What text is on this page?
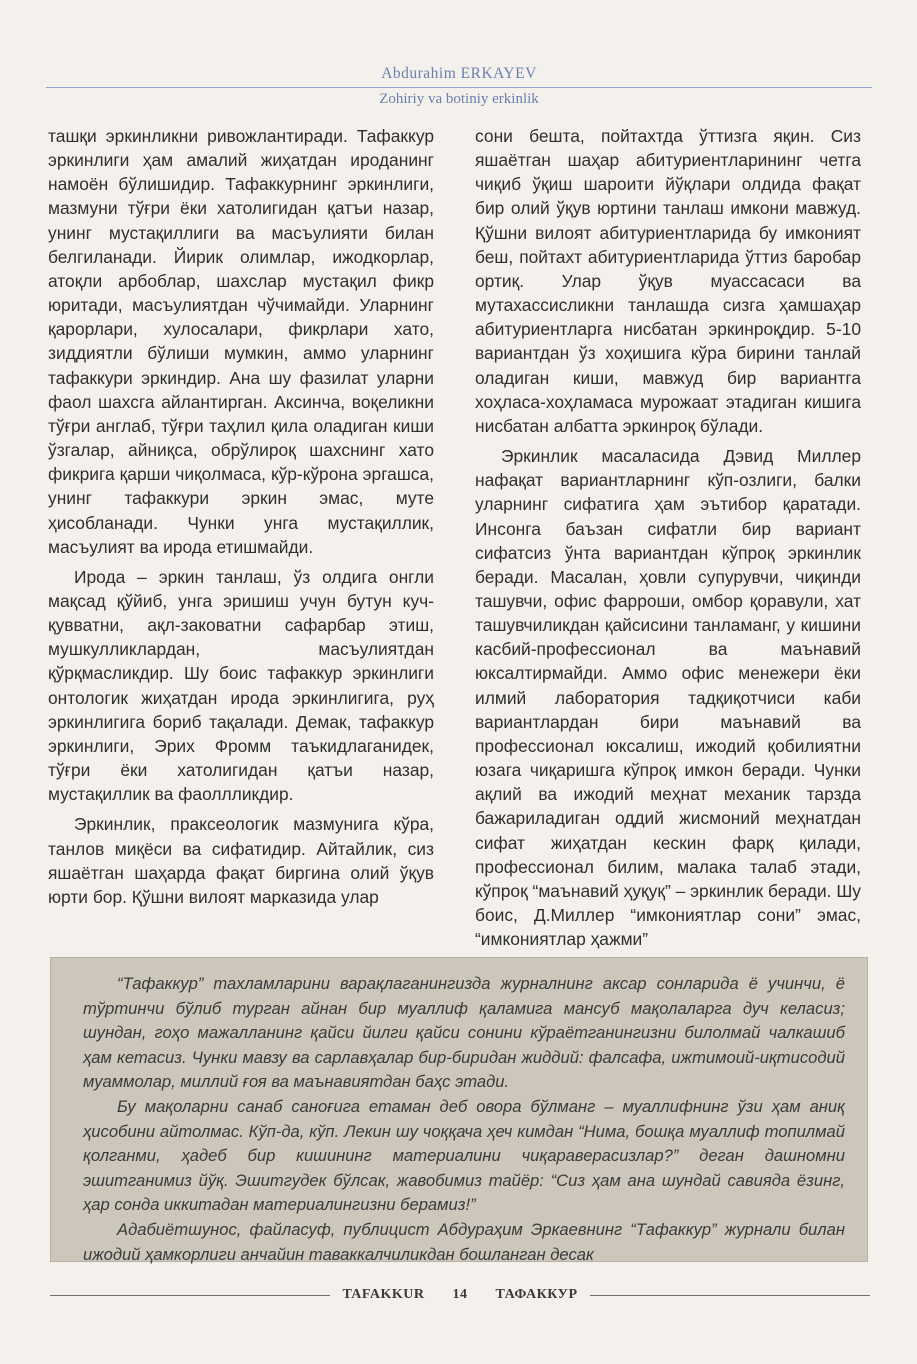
Abdurahim ERKAYEV
Zohiriy va botiniy erkinlik

ташқи эркинликни ривожлантиради. Тафаккур эркинлиги ҳам амалий жиҳатдан иродaнинг намоён бўлишидир. Тафаккурнинг эркинлиги, мазмуни тўғри ёки хатолигидан қатъи назар, унинг мустақиллиги ва масъулияти билан белгиланади. Йирик олимлар, ижодкорлар, атоқли арбоблар, шахслар мустақил фикр юритади, масъулиятдан чўчимайди. Уларнинг қарорлари, хулосалари, фикрлари хато, зиддиятли бўлиши мумкин, аммо уларнинг тафаккури эркиндир. Ана шу фазилат уларни фаол шахсга айлантирган. Аксинча, воқеликни тўғри англаб, тўғри таҳлил қила оладиган киши ўзгалар, айниқса, обрўлироқ шахснинг хато фикрига қарши чиқолмаса, кўр-кўрона эргашса, унинг тафаккури эркин эмас, муте ҳисобланади. Чунки унга мустақиллик, масъулият ва ирода етишмайди.

Ирода – эркин танлаш, ўз олдига онгли мақсад қўйиб, унга эришиш учун бутун куч-қувватни, ақл-заковатни сафарбар этиш, мушкулликлардан, масъулиятдан қўрқмасликдир. Шу боис тафаккур эркинлиги онтологик жиҳатдан ирода эркинлигига, руҳ эркинлигига бориб тақалади. Демак, тафаккур эркинлиги, Эрих Фромм таъкидлаганидек, тўғри ёки хатолигидан қатъи назар, мустақиллик ва фаоллликдир.

Эркинлик, праксеологик мазмунига кўра, танлов миқёси ва сифатидир. Айтайлик, сиз яшаётган шаҳарда фақат биргина олий ўқув юрти бор. Қўшни вилоят марказида улар

сони бешта, пойтахтда ўттизга яқин. Сиз яшаётган шаҳар абитуриентларининг четга чиқиб ўқиш шароити йўқлари олдида фақат бир олий ўқув юртини танлаш имкони мавжуд. Қўшни вилоят абитуриентларида бу имконият беш, пойтахт абитуриентларида ўттиз баробар ортиқ. Улар ўқув муассасаси ва мутахассисликни танлашда сизга ҳамшаҳар абитуриентларга нисбатан эркинроқдир. 5-10 вариантдан ўз хоҳишига кўра бирини танлай оладиган киши, мавжуд бир вариантга хоҳласа-хоҳламаса мурожаат этадиган кишига нисбатан албатта эркинроқ бўлади.

Эркинлик масаласида Дэвид Миллер нафақат вариантларнинг кўп-озлиги, балки уларнинг сифатига ҳам эътибор қаратади. Инсонга баъзан сифатли бир вариант сифатсиз ўнта вариантдан кўпроқ эркинлик беради. Масалан, ҳовли супурувчи, чиқинди ташувчи, офис фарроши, омбор қоравули, хат ташувчиликдан қайсисини танламанг, у кишини касбий-профессионал ва маънавий юксалтирмайди. Аммо офис менежери ёки илмий лаборатория тадқиқотчиси каби вариантлардан бири маънавий ва профессионал юксалиш, ижодий қобилиятни юзага чиқаришга кўпроқ имкон беради. Чунки ақлий ва ижодий меҳнат механик тарзда бажариладиган оддий жисмоний меҳнатдан сифат жиҳатдан кескин фарқ қилади, профессионал билим, малака талаб этади, кўпроқ “маънавий ҳуқуқ” – эркинлик беради. Шу боис, Д.Миллер “имкониятлар сони” эмас, “имкониятлар ҳажми”

“Тафаккур” тахламларини варақлаганингизда журналнинг аксар сонларида ё учинчи, ё тўртинчи бўлиб турган айнан бир муаллиф қаламига мансуб мақолаларга дуч келасиз; шундан, гоҳо мажалланинг қайси йилги қайси сонини кўраётганингизни билолмай чалкашиб ҳам кетасиз. Чунки мавзу ва сарлавҳалар бир-биридан жиддий: фалсафа, ижтимоий-иқтисодий муаммолар, миллий ғоя ва маънавиятдан баҳс этади.

Бу мақоларни санаб саноғига етаман деб овора бўлманг – муаллифнинг ўзи ҳам аниқ ҳисобини айтолмас. Кўп-да, кўп. Лекин шу чоққача ҳеч кимдан “Нима, бошқа муаллиф топилмай қолганми, ҳадеб бир кишининг материалини чиқараверасизлар?” деган дашномни эшитганимиз йўқ. Эшитгудек бўлсак, жавобимиз тайёр: “Сиз ҳам ана шундай савияда ёзинг, ҳар сонда иккитадан материалингизни берамиз!”

Адабиётшунос, файласуф, публицист Абдураҳим Эркаевнинг “Тафаккур” журнали билан ижодий ҳамкорлиги анчайин таваккалчиликдан бошланган десак

TAFAKKUR	14	ТАФАККУР
